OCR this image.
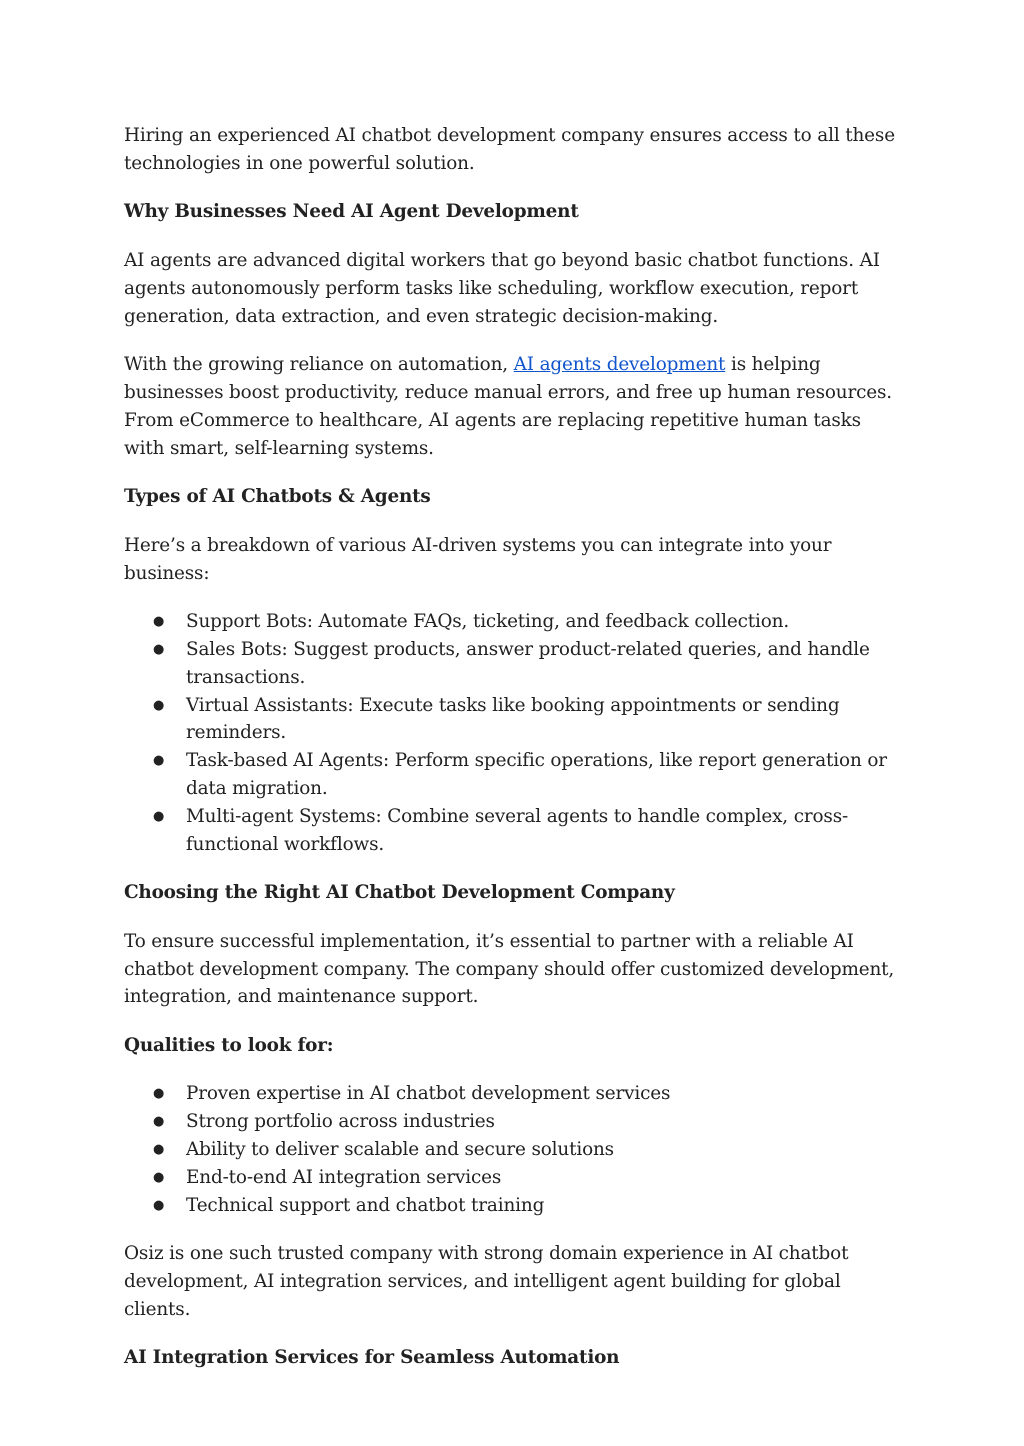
Hiring an experienced AI chatbot development company ensures access to all these technologies in one powerful solution.

Why Businesses Need AI Agent Development

AI agents are advanced digital workers that go beyond basic chatbot functions. AI agents autonomously perform tasks like scheduling, workflow execution, report generation, data extraction, and even strategic decision-making.

With the growing reliance on automation, AI agents development is helping businesses boost productivity, reduce manual errors, and free up human resources. From eCommerce to healthcare, AI agents are replacing repetitive human tasks with smart, self-learning systems.

Types of AI Chatbots & Agents

Here’s a breakdown of various AI-driven systems you can integrate into your business:

● Support Bots: Automate FAQs, ticketing, and feedback collection.
● Sales Bots: Suggest products, answer product-related queries, and handle transactions.
● Virtual Assistants: Execute tasks like booking appointments or sending reminders.
● Task-based AI Agents: Perform specific operations, like report generation or data migration.
● Multi-agent Systems: Combine several agents to handle complex, cross-functional workflows.
Choosing the Right AI Chatbot Development Company

To ensure successful implementation, it’s essential to partner with a reliable AI chatbot development company. The company should offer customized development, integration, and maintenance support.

Qualities to look for:
● Proven expertise in AI chatbot development services
● Strong portfolio across industries
● Ability to deliver scalable and secure solutions
● End-to-end AI integration services
● Technical support and chatbot training

Osiz is one such trusted company with strong domain experience in AI chatbot development, AI integration services, and intelligent agent building for global clients.

AI Integration Services for Seamless Automation
